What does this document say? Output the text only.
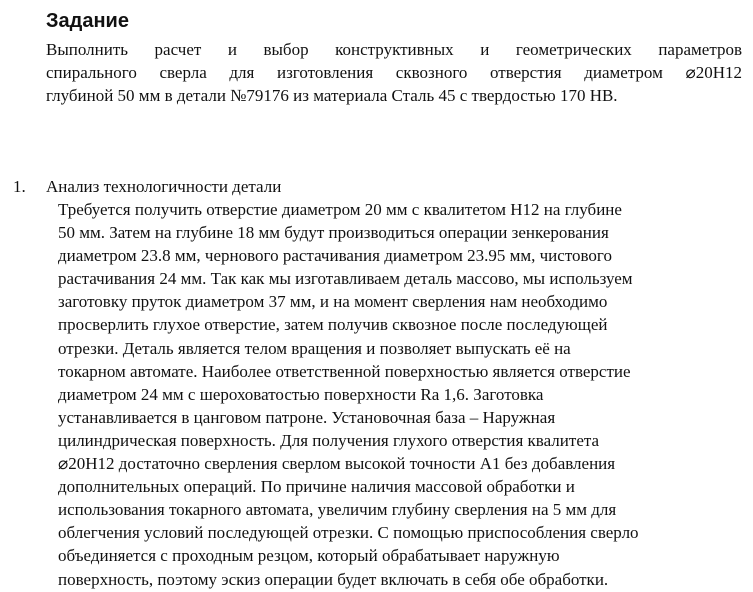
Задание
Выполнить расчет и выбор конструктивных и геометрических параметров
спирального сверла для изготовления сквозного отверстия диаметром ⌀20H12
глубиной 50 мм в детали №79176 из материала Сталь 45 с твердостью 170 HB.
1. Анализ технологичности детали
Требуется получить отверстие диаметром 20 мм с квалитетом H12 на глубине
50 мм. Затем на глубине 18 мм будут производиться операции зенкерования
диаметром 23.8 мм, чернового растачивания диаметром 23.95 мм, чистового
растачивания 24 мм. Так как мы изготавливаем деталь массово, мы используем
заготовку пруток диаметром 37 мм, и на момент сверления нам необходимо
просверлить глухое отверстие, затем получив сквозное после последующей
отрезки. Деталь является телом вращения и позволяет выпускать её на
токарном автомате. Наиболее ответственной поверхностью является отверстие
диаметром 24 мм с шероховатостью поверхности Ra 1,6. Заготовка
устанавливается в цанговом патроне. Установочная база – Наружная
цилиндрическая поверхность. Для получения глухого отверстия квалитета
⌀20H12 достаточно сверления сверлом высокой точности А1 без добавления
дополнительных операций. По причине наличия массовой обработки и
использования токарного автомата, увеличим глубину сверления на 5 мм для
облегчения условий последующей отрезки. С помощью приспособления сверло
объединяется с проходным резцом, который обрабатывает наружную
поверхность, поэтому эскиз операции будет включать в себя обе обработки.
